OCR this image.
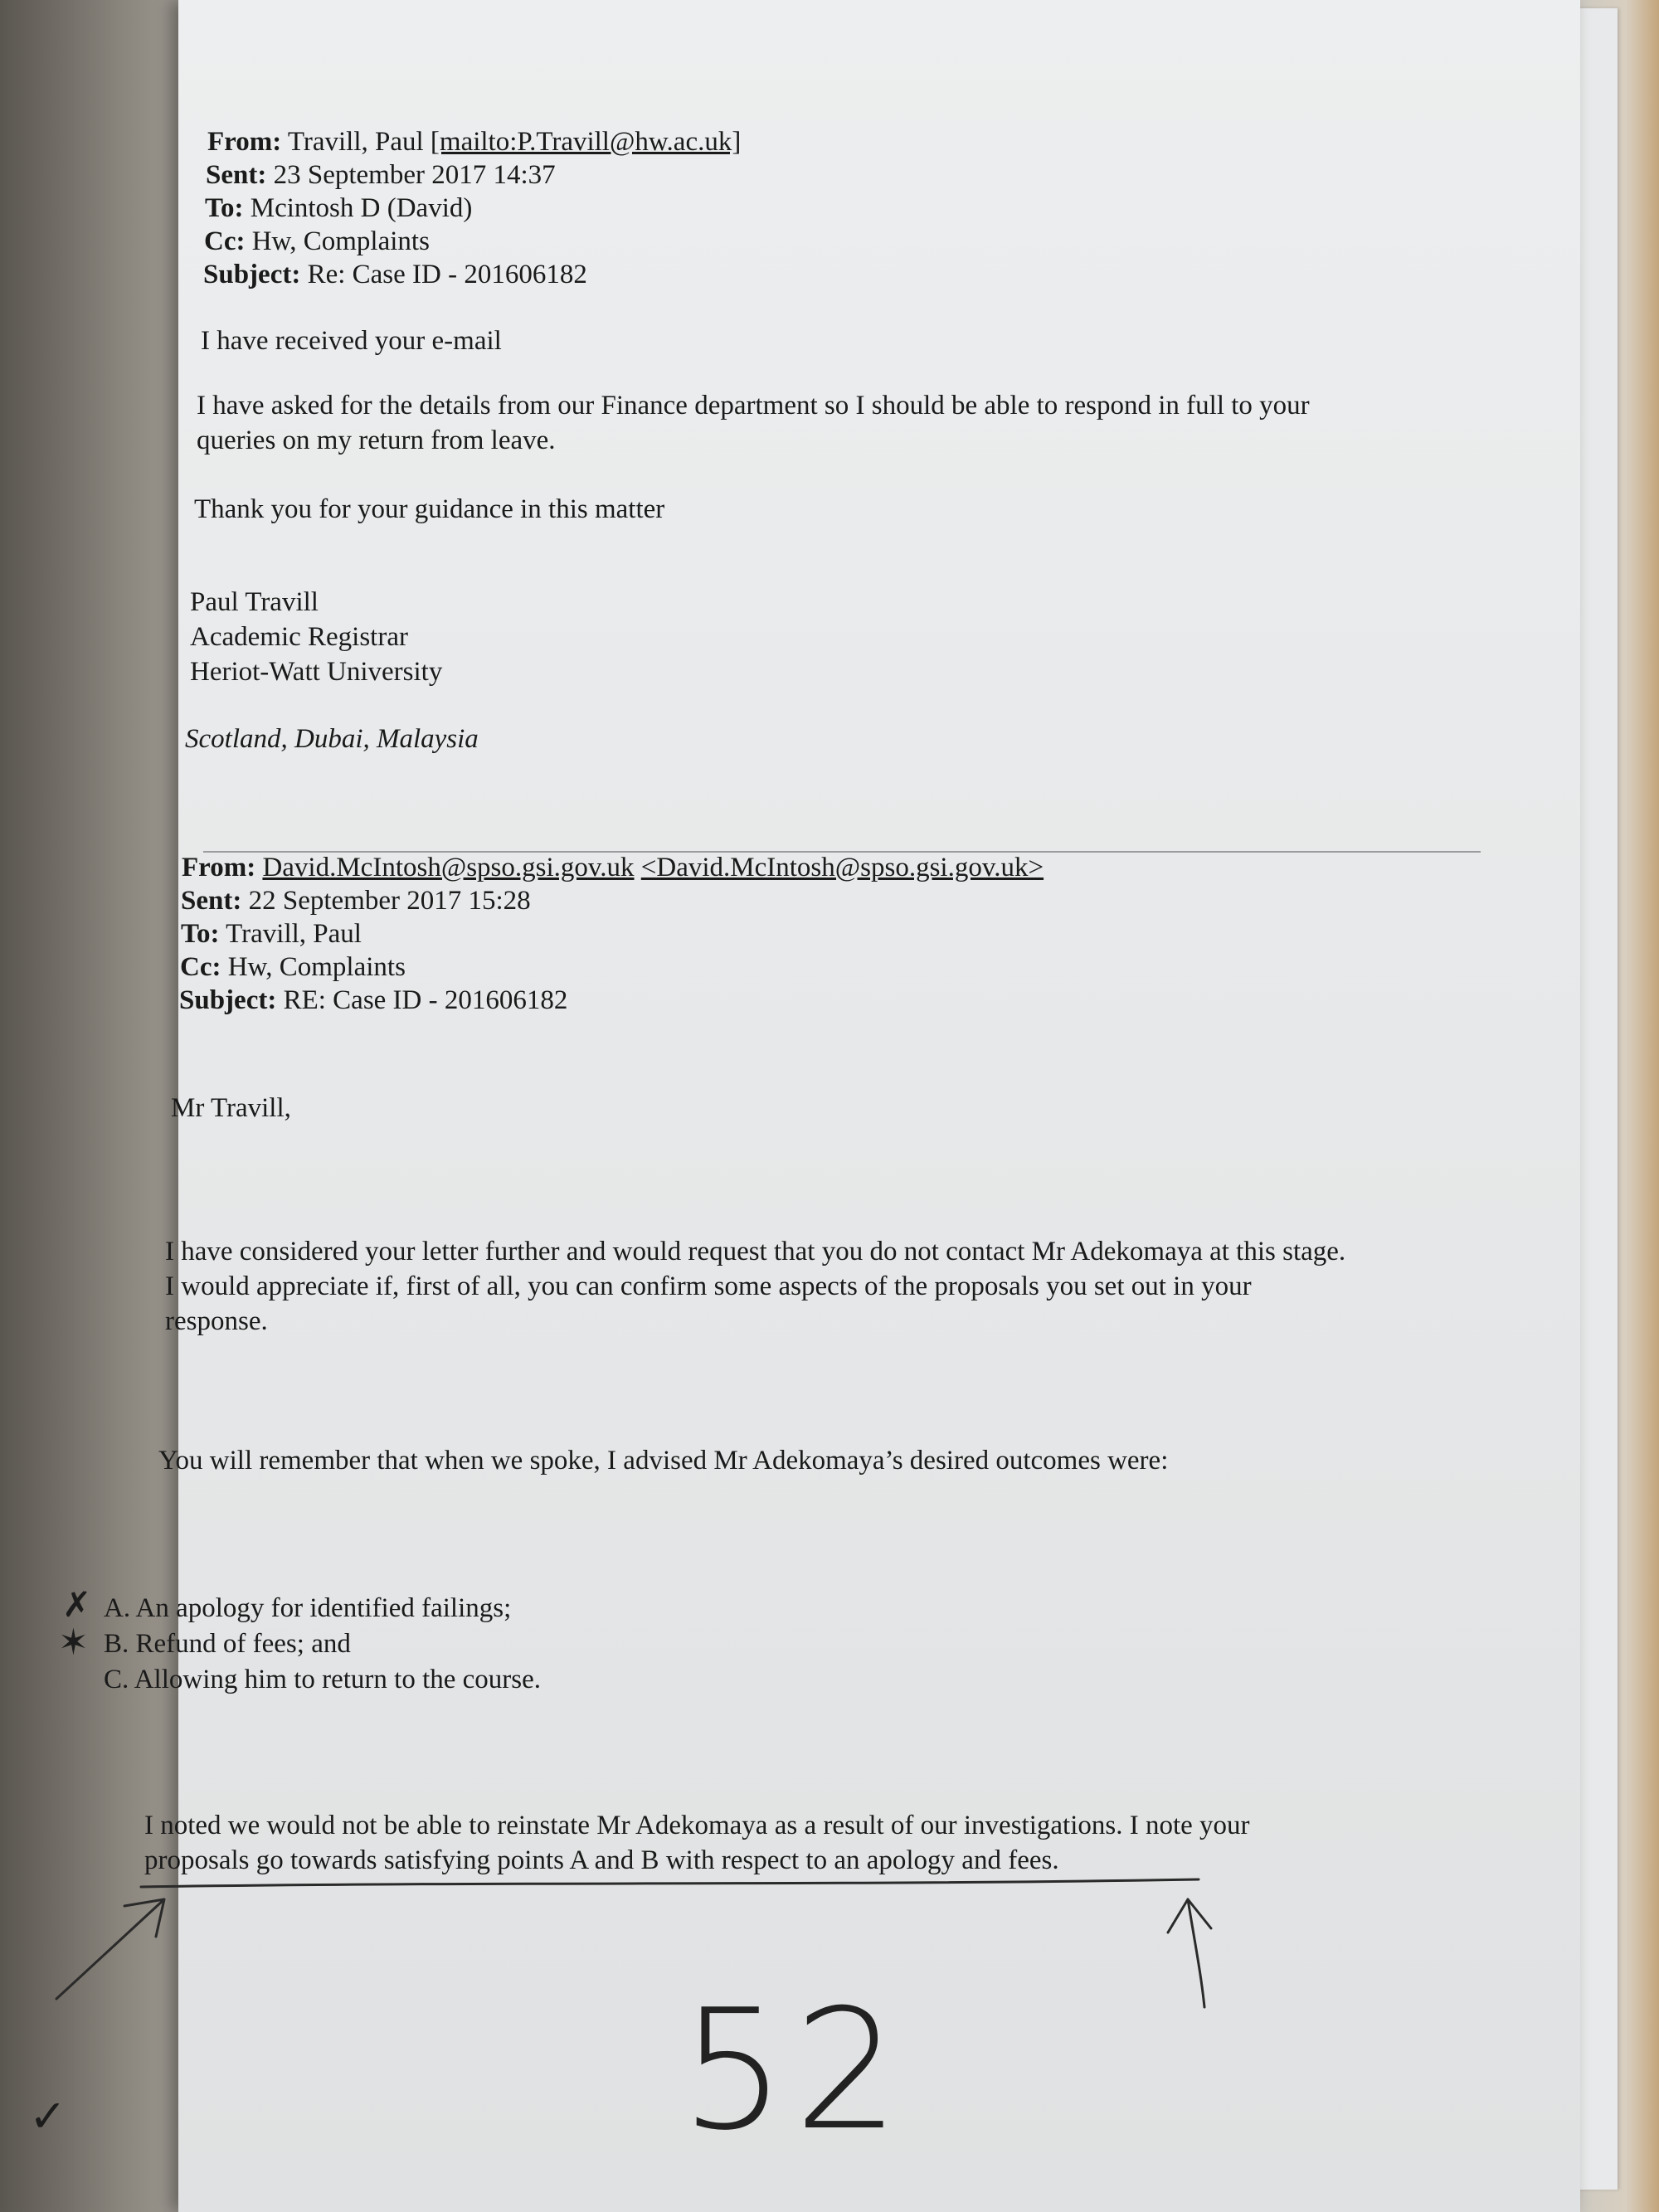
From: Travill, Paul [mailto:P.Travill@hw.ac.uk]
Sent: 23 September 2017 14:37
To: Mcintosh D (David)
Cc: Hw, Complaints
Subject: Re: Case ID - 201606182
I have received your e-mail
I have asked for the details from our Finance department so I should be able to respond in full to your
queries on my return from leave.
Thank you for your guidance in this matter
Paul Travill
Academic Registrar
Heriot-Watt University
Scotland, Dubai, Malaysia
From: David.McIntosh@spso.gsi.gov.uk <David.McIntosh@spso.gsi.gov.uk>
Sent: 22 September 2017 15:28
To: Travill, Paul
Cc: Hw, Complaints
Subject: RE: Case ID - 201606182
Mr Travill,
I have considered your letter further and would request that you do not contact Mr Adekomaya at this stage.
I would appreciate if, first of all, you can confirm some aspects of the proposals you set out in your
response.
You will remember that when we spoke, I advised Mr Adekomaya’s desired outcomes were:
A. An apology for identified failings;
B. Refund of fees; and
C. Allowing him to return to the course.
I noted we would not be able to reinstate Mr Adekomaya as a result of our investigations. I note your
proposals go towards satisfying points A and B with respect to an apology and fees.
✗
✶
52
✓
